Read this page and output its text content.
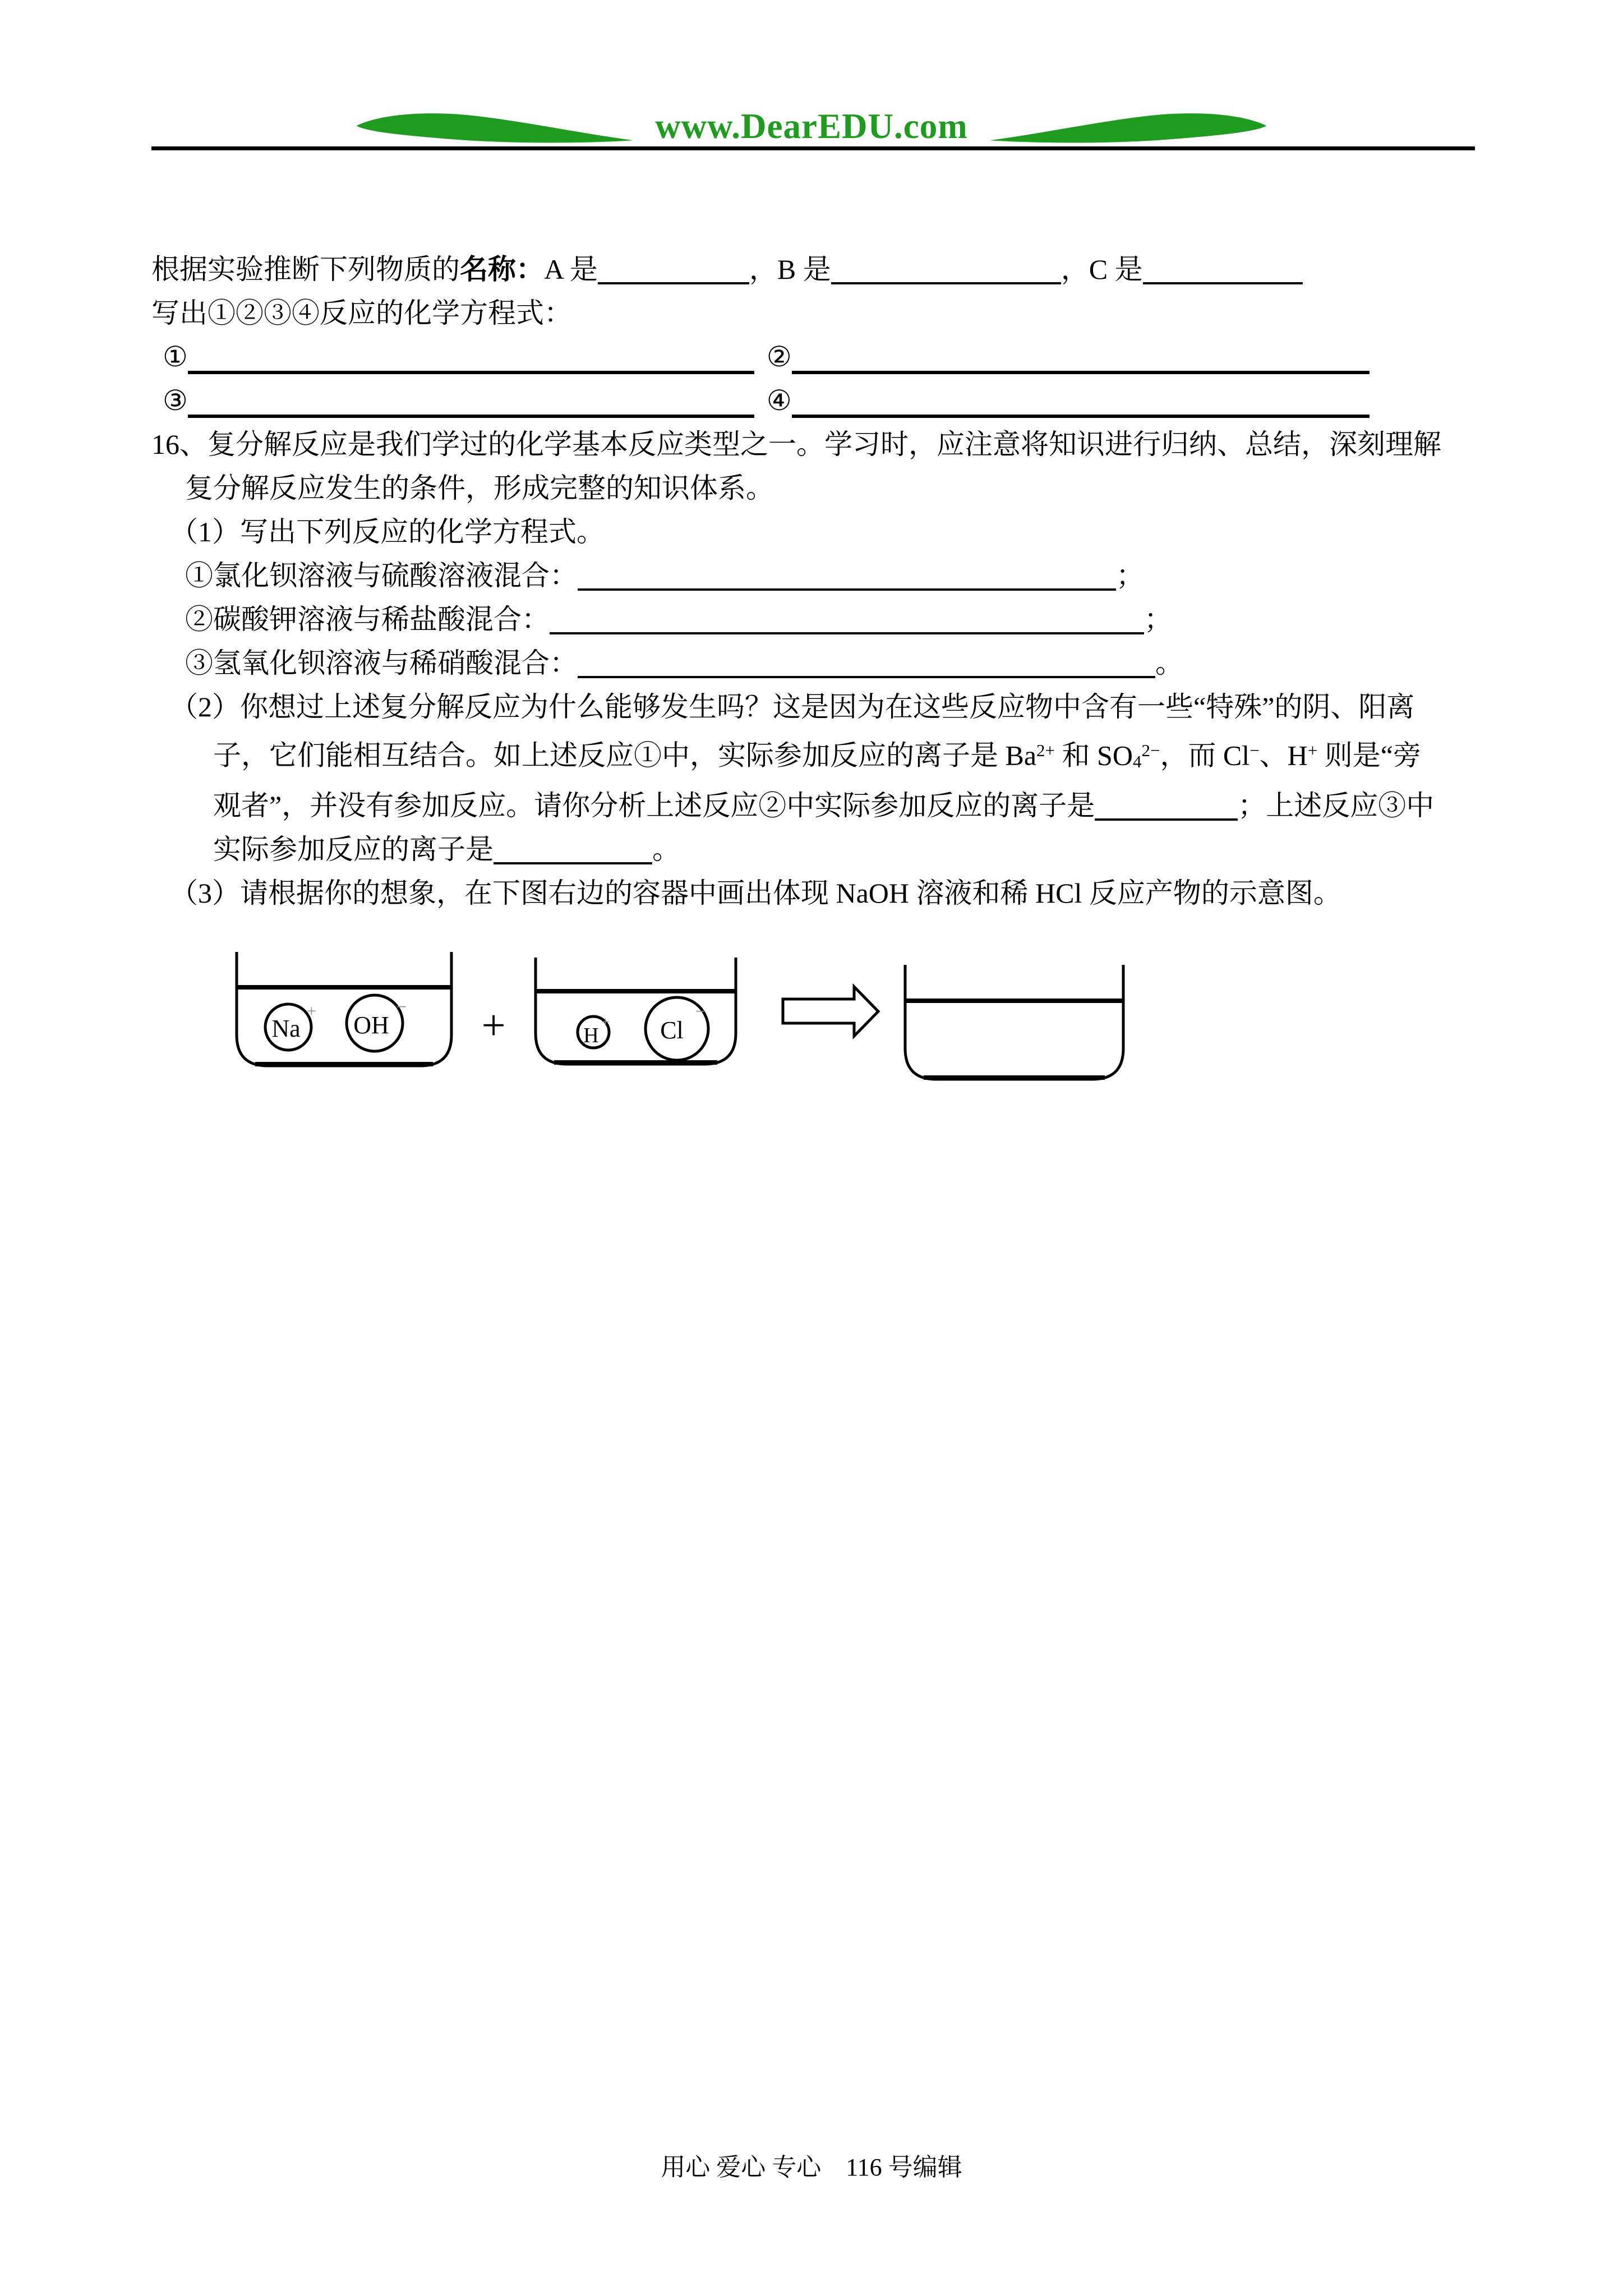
www.DearEDU.com
根据实验推断下列物质的名称：A 是	，B 是	，C 是
写出①②③④反应的化学方程式：
①	②
③	④
16、复分解反应是我们学过的化学基本反应类型之一。学习时，应注意将知识进行归纳、总结，深刻理解
复分解反应发生的条件，形成完整的知识体系。
（1）写出下列反应的化学方程式。
①氯化钡溶液与硫酸溶液混合：	；
②碳酸钾溶液与稀盐酸混合：	；
③氢氧化钡溶液与稀硝酸混合：	。
（2）你想过上述复分解反应为什么能够发生吗？这是因为在这些反应物中含有一些“特殊”的阴、阳离
子，它们能相互结合。如上述反应①中，实际参加反应的离子是 $Ba^{2+}$ 和 $SO4^{2-}$，而 Cl−、H+ 则是“旁
观者”，并没有参加反应。请你分析上述反应②中实际参加反应的离子是	；上述反应③中
实际参加反应的离子是	。
（3）请根据你的想象，在下图右边的容器中画出体现 NaOH 溶液和稀 HCl 反应产物的示意图。
Na
+
OH
− +	H
+ Cl
−
用心 爱心 专心　116 号编辑
